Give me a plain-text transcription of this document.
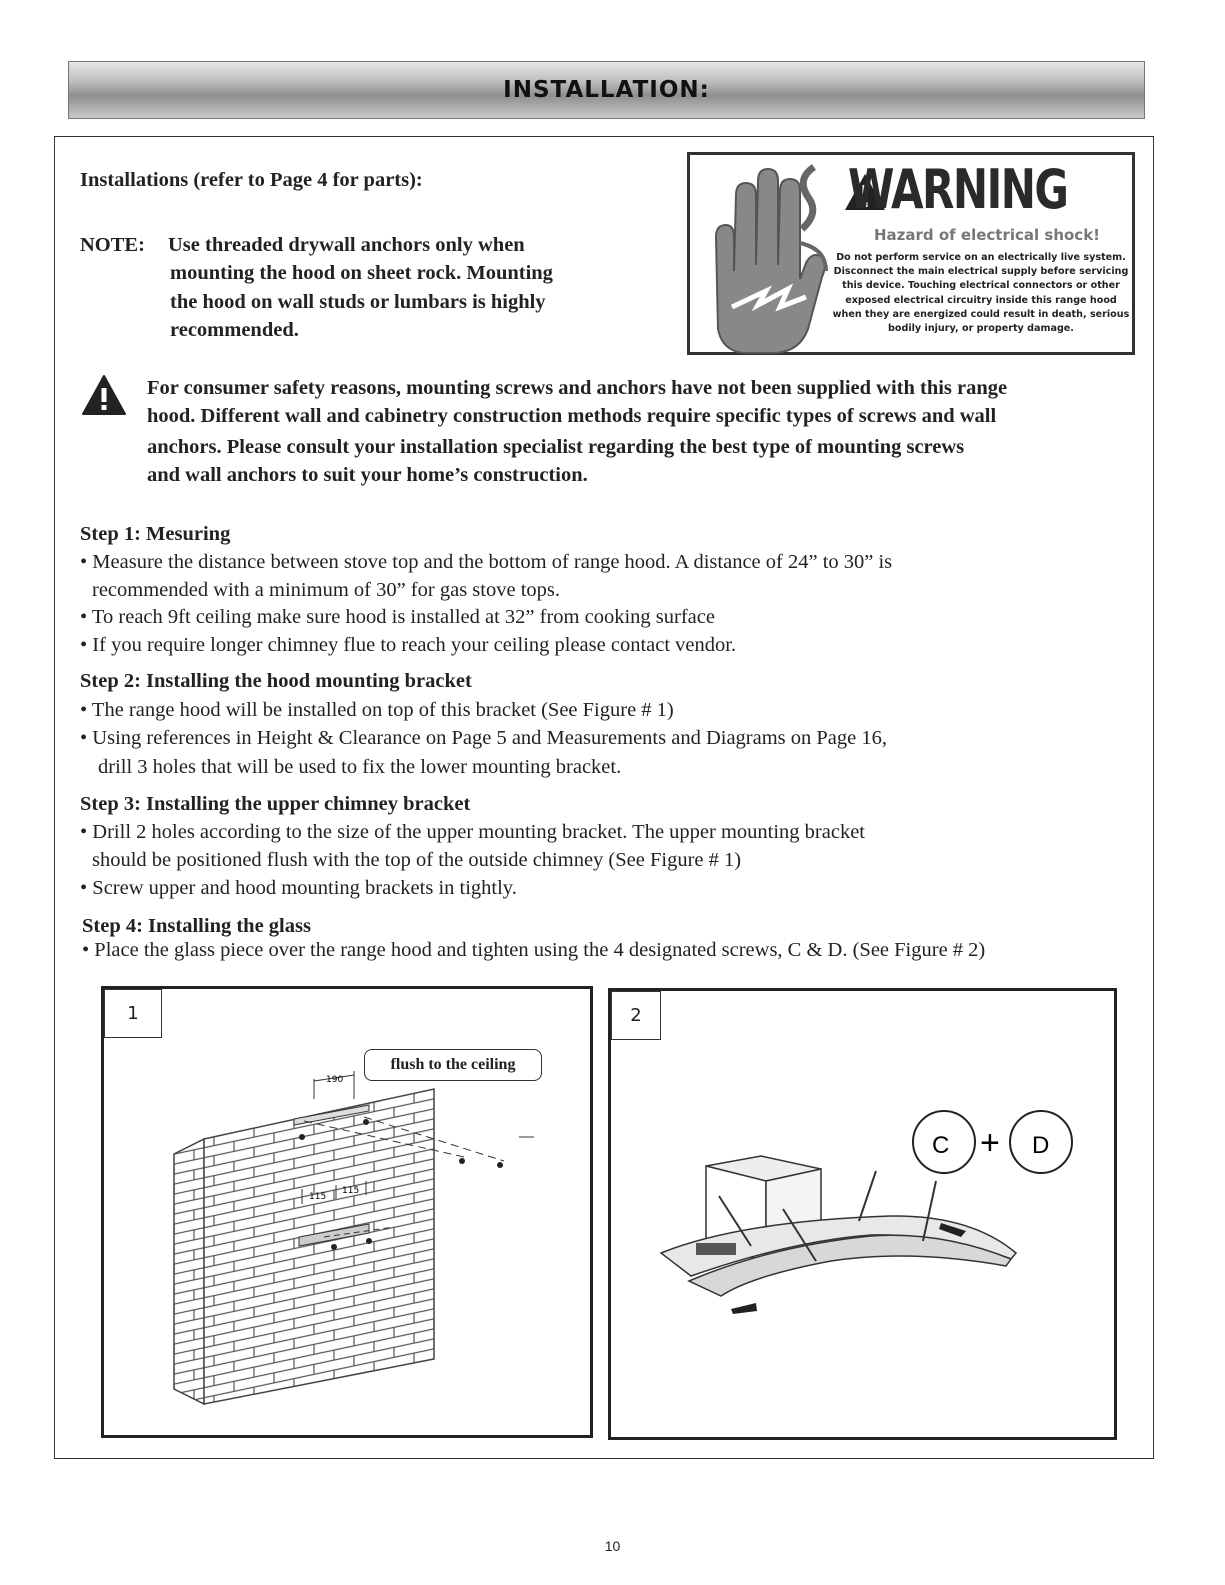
INSTALLATION:
Installations (refer to Page 4 for parts):
NOTE: Use threaded drywall anchors only when
mounting the hood on sheet rock. Mounting
the hood on wall studs or lumbars is highly
recommended.
WARNING
Hazard of electrical shock!
Do not perform service on an electrically live system. Disconnect the main electrical supply before servicing this device. Touching electrical connectors or other exposed electrical circuitry inside this range hood when they are energized could result in death, serious bodily injury, or property damage.
For consumer safety reasons, mounting screws and anchors have not been supplied with this range
hood. Different wall and cabinetry construction methods require specific types of screws and wall
anchors. Please consult your installation specialist regarding the best type of mounting screws
and wall anchors to suit your home’s construction.
Step 1: Mesuring
• Measure the distance between stove top and the bottom of range hood. A distance of 24” to 30” is
recommended with a minimum of 30” for gas stove tops.
• To reach 9ft ceiling make sure hood is installed at 32” from cooking surface
• If you require longer chimney flue to reach your ceiling please contact vendor.
Step 2: Installing the hood mounting bracket
• The range hood will be installed on top of this bracket (See Figure # 1)
• Using references in Height & Clearance on Page 5 and Measurements and Diagrams on Page 16,
drill 3 holes that will be used to fix the lower mounting bracket.
Step 3: Installing the upper chimney bracket
• Drill 2 holes according to the size of the upper mounting bracket. The upper mounting bracket
should be positioned flush with the top of the outside chimney (See Figure # 1)
• Screw upper and hood mounting brackets in tightly.
Step 4: Installing the glass
• Place the glass piece over the range hood and tighten using the 4 designated screws, C & D. (See Figure # 2)
190
115
115
flush to the ceiling
1
C + D
2
10
